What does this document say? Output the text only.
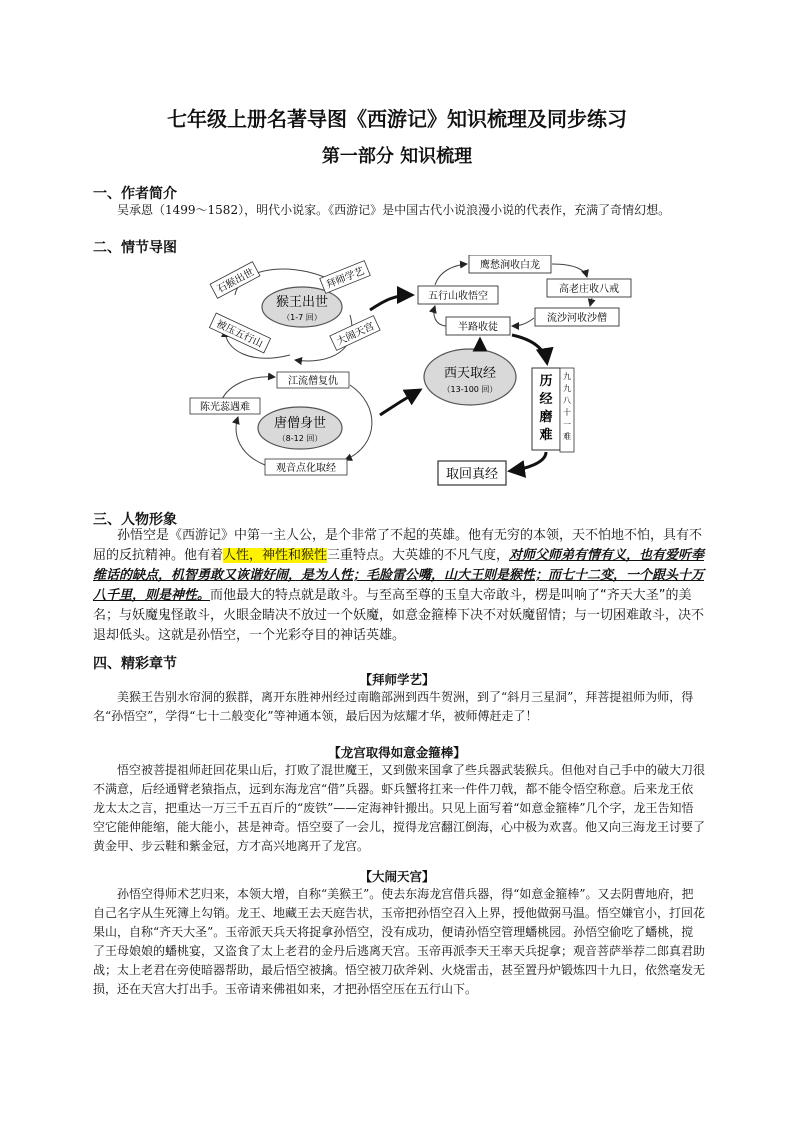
七年级上册名著导图《西游记》知识梳理及同步练习
第一部分 知识梳理
一、作者简介
吴承恩（1499～1582），明代小说家。《西游记》是中国古代小说浪漫小说的代表作，充满了奇情幻想。
二、情节导图
猴王出世
（1-7 回）
石猴出世	拜师学艺
被压五行山	大闹天宫
五行山收悟空
鹰愁涧收白龙
高老庄收八戒
流沙河收沙僧
半路收徒
唐僧身世
（8-12 回）
江流僧复仇
陈光蕊遇难
观音点化取经
西天取经
（13-100 回）
历
经
磨
难
九
九
八
十
一
难
取回真经
三、人物形象
孙悟空是《西游记》中第一主人公，是个非常了不起的英雄。他有无穷的本领，天不怕地不怕，具有不屈的反抗精神。他有着人性，神性和猴性三重特点。大英雄的不凡气度，对师父师弟有情有义，也有爱听奉维话的缺点，机智勇敢又诙谐好闹，是为人性；毛脸雷公嘴，山大王则是猴性；而七十二变，一个跟头十万八千里，则是神性。而他最大的特点就是敢斗。与至高至尊的玉皇大帝敢斗，楞是叫响了“齐天大圣”的美名；与妖魔鬼怪敢斗，火眼金睛决不放过一个妖魔，如意金箍棒下决不对妖魔留情；与一切困难敢斗，决不退却低头。这就是孙悟空，一个光彩夺目的神话英雄。
四、精彩章节
【拜师学艺】
美猴王告别水帘洞的猴群，离开东胜神州经过南瞻部洲到西牛贺洲，到了“斜月三星洞”，拜菩提祖师为师，得名“孙悟空”，学得“七十二般变化”等神通本领，最后因为炫耀才华，被师傅赶走了！
【龙宫取得如意金箍棒】
悟空被菩提祖师赶回花果山后，打败了混世魔王，又到傲来国拿了些兵器武装猴兵。但他对自己手中的破大刀很不满意，后经通臂老猿指点，远到东海龙宫“借”兵器。虾兵蟹将扛来一件件刀戟，都不能令悟空称意。后来龙王依龙太太之言，把重达一万三千五百斤的“废铁”——定海神针搬出。只见上面写着“如意金箍棒”几个字，龙王告知悟空它能伸能缩，能大能小，甚是神奇。悟空耍了一会儿，搅得龙宫翻江倒海，心中极为欢喜。他又向三海龙王讨要了黄金甲、步云鞋和紫金冠，方才高兴地离开了龙宫。
【大闹天宫】
孙悟空得师术艺归来，本领大增，自称“美猴王”。使去东海龙宫借兵器，得“如意金箍棒”。又去阴曹地府，把自己名字从生死簿上勾销。龙王、地藏王去天庭告状，玉帝把孙悟空召入上界，授他做弼马温。悟空嫌官小，打回花果山，自称“齐天大圣”。玉帝派天兵天将捉拿孙悟空，没有成功，便请孙悟空管理蟠桃园。孙悟空偷吃了蟠桃，搅了王母娘娘的蟠桃宴，又盗食了太上老君的金丹后逃离天宫。玉帝再派李天王率天兵捉拿；观音菩萨举荐二郎真君助战；太上老君在旁使暗器帮助，最后悟空被擒。悟空被刀砍斧剁、火烧雷击，甚至置丹炉锻炼四十九日，依然毫发无损，还在天宫大打出手。玉帝请来佛祖如来，才把孙悟空压在五行山下。
